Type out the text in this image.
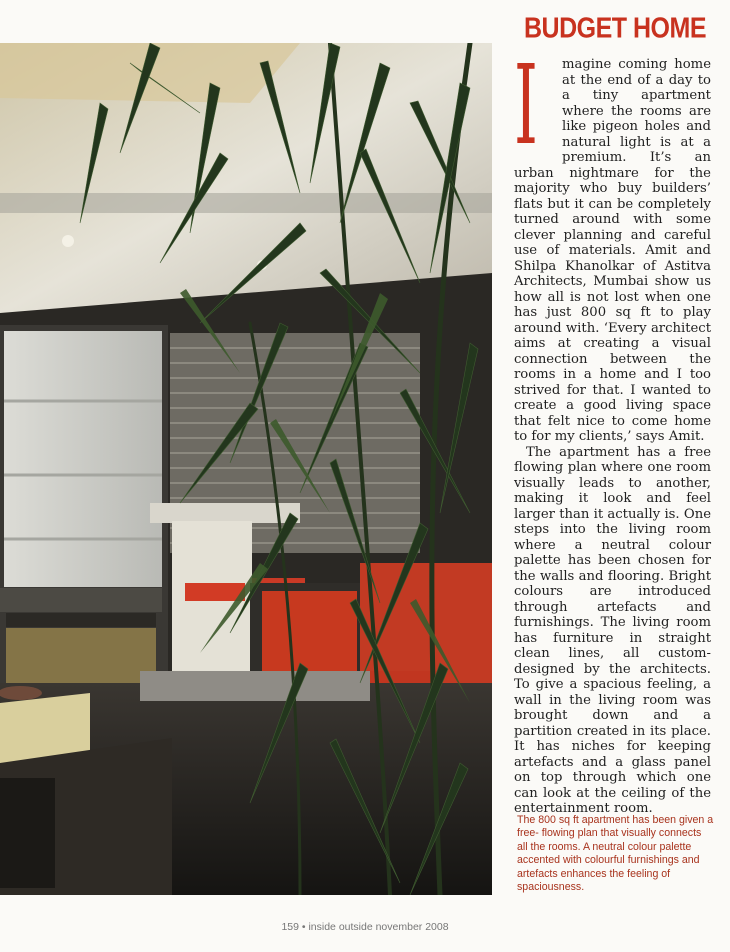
BUDGET HOME

I magine coming home at the end of a day to a tiny apartment where the rooms are like pigeon holes and natural light is at a premium. It’s an urban nightmare for the majority who buy builders’ flats but it can be completely turned around with some clever planning and careful use of materials. Amit and Shilpa Khanolkar of Astitva Architects, Mumbai show us how all is not lost when one has just 800 sq ft to play around with. ‘Every architect aims at creating a visual connection between the rooms in a home and I too strived for that. I wanted to create a good living space that felt nice to come home to for my clients,’ says Amit.

The apartment has a free flowing plan where one room visually leads to another, making it look and feel larger than it actually is. One steps into the living room where a neutral colour palette has been chosen for the walls and flooring. Bright colours are introduced through artefacts and furnishings. The living room has furniture in straight clean lines, all custom-designed by the architects. To give a spacious feeling, a wall in the living room was brought down and a partition created in its place. It has niches for keeping artefacts and a glass panel on top through which one can look at the ceiling of the entertainment room.

The 800 sq ft apartment has been given a free- flowing plan that visually connects all the rooms. A neutral colour palette accented with colourful furnishings and artefacts enhances the feeling of spaciousness.
159 • inside outside november 2008
